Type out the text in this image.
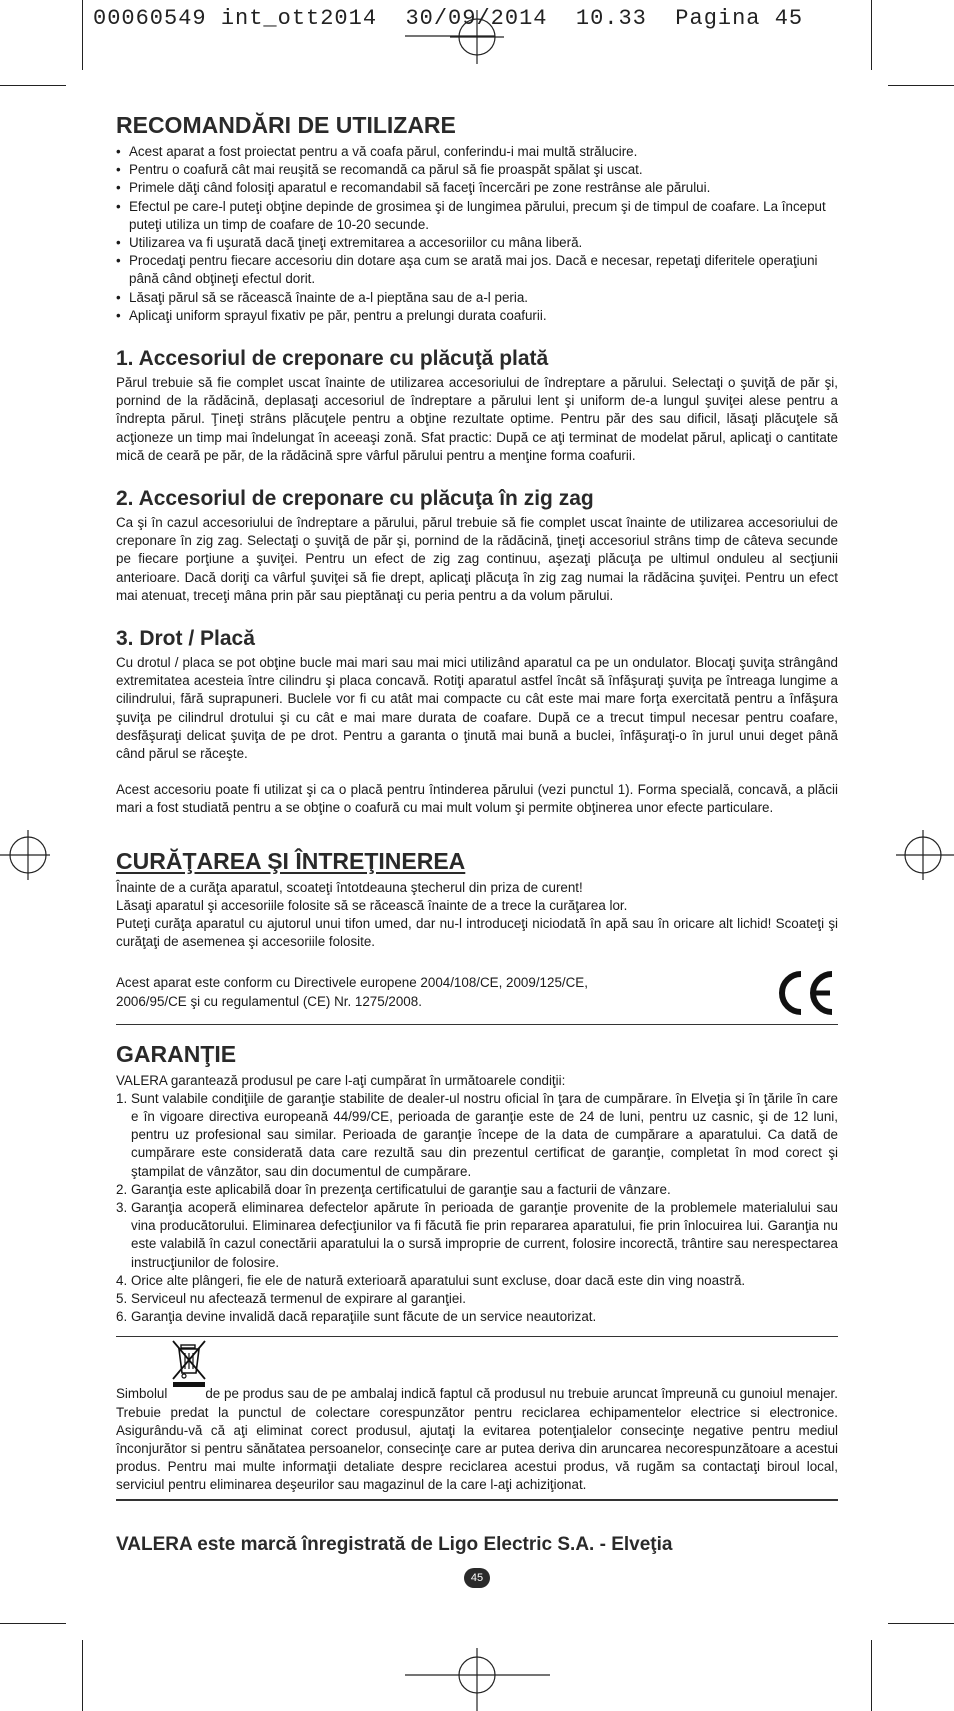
00060549 int_ott2014  30/09/2014  10.33  Pagina 45
RECOMANDĂRI DE UTILIZARE
• Acest aparat a fost proiectat pentru a vă coafa părul, conferindu-i mai multă strălucire.
• Pentru o coafură cât mai reuşită se recomandă ca părul să fie proaspăt spălat şi uscat.
• Primele dăţi când folosiţi aparatul e recomandabil să faceţi încercări pe zone restrânse ale părului.
• Efectul pe care-l puteţi obţine depinde de grosimea şi de lungimea părului, precum şi de timpul de coafare. La început puteţi utiliza un timp de coafare de 10-20 secunde.
• Utilizarea va fi uşurată dacă ţineţi extremitarea a accesoriilor cu mâna liberă.
• Procedaţi pentru fiecare accesoriu din dotare aşa cum se arată mai jos. Dacă e necesar, repetaţi diferitele operaţiuni până când obţineţi efectul dorit.
• Lăsaţi părul să se răcească înainte de a-l pieptăna sau de a-l peria.
• Aplicaţi uniform sprayul fixativ pe păr, pentru a prelungi durata coafurii.
1. Accesoriul de creponare cu plăcuţă plată

Părul trebuie să fie complet uscat înainte de utilizarea accesoriului de îndreptare a părului. Selectaţi o şuviţă de păr şi, pornind de la rădăcină, deplasaţi accesoriul de îndreptare a părului lent şi uniform de-a lungul şuviţei alese pentru a îndrepta părul. Ţineţi strâns plăcuţele pentru a obţine rezultate optime. Pentru păr des sau dificil, lăsaţi plăcuţele să acţioneze un timp mai îndelungat în aceeaşi zonă. Sfat practic: După ce aţi terminat de modelat părul, aplicaţi o cantitate mică de ceară pe păr, de la rădăcină spre vârful părului pentru a menţine forma coafurii.

2. Accesoriul de creponare cu plăcuţa în zig zag

Ca şi în cazul accesoriului de îndreptare a părului, părul trebuie să fie complet uscat înainte de utilizarea accesoriului de creponare în zig zag. Selectaţi o şuviţă de păr şi, pornind de la rădăcină, ţineţi accesoriul strâns timp de câteva secunde pe fiecare porţiune a şuviţei. Pentru un efect de zig zag continuu, aşezaţi plăcuţa pe ultimul onduleu al secţiunii anterioare. Dacă doriţi ca vârful şuviţei să fie drept, aplicaţi plăcuţa în zig zag numai la rădăcina şuviţei. Pentru un efect mai atenuat, treceţi mâna prin păr sau pieptănaţi cu peria pentru a da volum părului.

3. Drot / Placă

Cu drotul / placa se pot obţine bucle mai mari sau mai mici utilizând aparatul ca pe un ondulator. Blocaţi şuviţa strângând extremitatea acesteia între cilindru şi placa concavă. Rotiţi aparatul astfel încât să înfăşuraţi şuviţa pe întreaga lungime a cilindrului, fără suprapuneri. Buclele vor fi cu atât mai compacte cu cât este mai mare forţa exercitată pentru a înfăşura şuviţa pe cilindrul drotului şi cu cât e mai mare durata de coafare. După ce a trecut timpul necesar pentru coafare, desfăşuraţi delicat şuviţa de pe drot. Pentru a garanta o ţinută mai bună a buclei, înfăşuraţi-o în jurul unui deget până când părul se răceşte.

Acest accesoriu poate fi utilizat şi ca o placă pentru întinderea părului (vezi punctul 1). Forma specială, concavă, a plăcii mari a fost studiată pentru a se obţine o coafură cu mai mult volum şi permite obţinerea unor efecte particulare.

CURĂŢAREA ŞI ÎNTREŢINEREA

Înainte de a curăţa aparatul, scoateţi întotdeauna ştecherul din priza de curent!

Lăsaţi aparatul şi accesoriile folosite să se răcească înainte de a trece la curăţarea lor.

Puteţi curăţa aparatul cu ajutorul unui tifon umed, dar nu-l introduceţi niciodată în apă sau în oricare alt lichid! Scoateţi şi curăţaţi de asemenea şi accesoriile folosite.

Acest aparat este conform cu Directivele europene 2004/108/CE, 2009/125/CE, 2006/95/CE şi cu regulamentul (CE) Nr. 1275/2008.

GARANŢIE

VALERA garantează produsul pe care l-aţi cumpărat în următoarele condiţii:

1. Sunt valabile condiţiile de garanţie stabilite de dealer-ul nostru oficial în ţara de cumpărare. în Elveţia şi în ţările în care e în vigoare directiva europeană 44/99/CE, perioada de garanţie este de 24 de luni, pentru uz casnic, şi de 12 luni, pentru uz profesional sau similar. Perioada de garanţie începe de la data de cumpărare a aparatului. Ca dată de cumpărare este considerată data care rezultă sau din prezentul certificat de garanţie, completat în mod corect şi ştampilat de vânzător, sau din documentul de cumpărare.
2. Garanţia este aplicabilă doar în prezenţa certificatului de garanţie sau a facturii de vânzare.
3. Garanţia acoperă eliminarea defectelor apărute în perioada de garanţie provenite de la problemele materialului sau vina producătorului. Eliminarea defecţiunilor va fi făcută fie prin repararea aparatului, fie prin înlocuirea lui. Garanţia nu este valabilă în cazul conectării aparatului la o sursă improprie de current, folosire incorectă, trântire sau nerespectarea instrucţiunilor de folosire.
4. Orice alte plângeri, fie ele de natură exterioară aparatului sunt excluse, doar dacă este din ving noastră.
5. Serviceul nu afectează termenul de expirare al garanţiei.
6. Garanţia devine invalidă dacă reparaţiile sunt făcute de un service neautorizat.

Simbolul	de pe produs sau de pe ambalaj indică faptul că produsul nu trebuie aruncat împreună cu gunoiul menajer. Trebuie predat la punctul de colectare corespunzător pentru reciclarea echipamentelor electrice si electronice. Asigurându-vă că aţi eliminat corect produsul, ajutaţi la evitarea potenţialelor consecinţe negative pentru mediul înconjurător si pentru sănătatea persoanelor, consecinţe care ar putea deriva din aruncarea necorespunzătoare a acestui produs. Pentru mai multe informaţii detaliate despre reciclarea acestui produs, vă rugăm sa contactaţi biroul local, serviciul pentru eliminarea deşeurilor sau magazinul de la care l-aţi achiziţionat.

VALERA este marcă înregistrată de Ligo Electric S.A. - Elveţia
45
